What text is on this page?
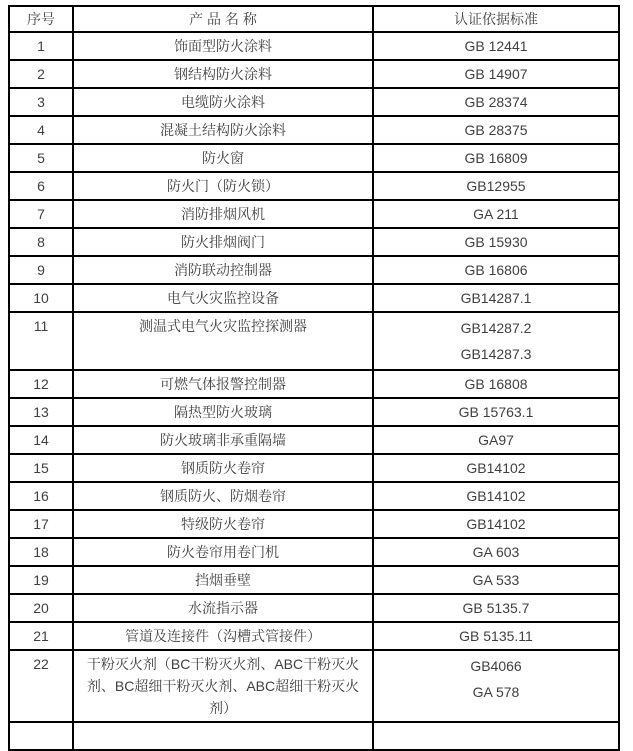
序号	产 品 名 称	认证依据标准
1	饰面型防火涂料	GB 12441

2	钢结构防火涂料	GB 14907

3	电缆防火涂料	GB 28374

4	混凝土结构防火涂料	GB 28375

5	防火窗	GB 16809

6	防火门（防火锁）	GB12955

7	消防排烟风机	GA 211

8	防火排烟阀门	GB 15930

9	消防联动控制器	GB 16806

10	电气火灾监控设备	GB14287.1

11	测温式电气火灾监控探测器	GB14287.2
GB14287.3

12	可燃气体报警控制器	GB 16808

13	隔热型防火玻璃	GB 15763.1

14	防火玻璃非承重隔墙	GA97

15	钢质防火卷帘	GB14102

16	钢质防火、防烟卷帘	GB14102

17	特级防火卷帘	GB14102

18	防火卷帘用卷门机	GA 603

19	挡烟垂壁	GA 533

20	水流指示器	GB 5135.7

21	管道及连接件（沟槽式管接件）	GB 5135.11

22	干粉灭火剂（BC干粉灭火剂、ABC干粉灭火剂、BC超细干粉灭火剂、ABC超细干粉灭火剂）	GB4066
GA 578
